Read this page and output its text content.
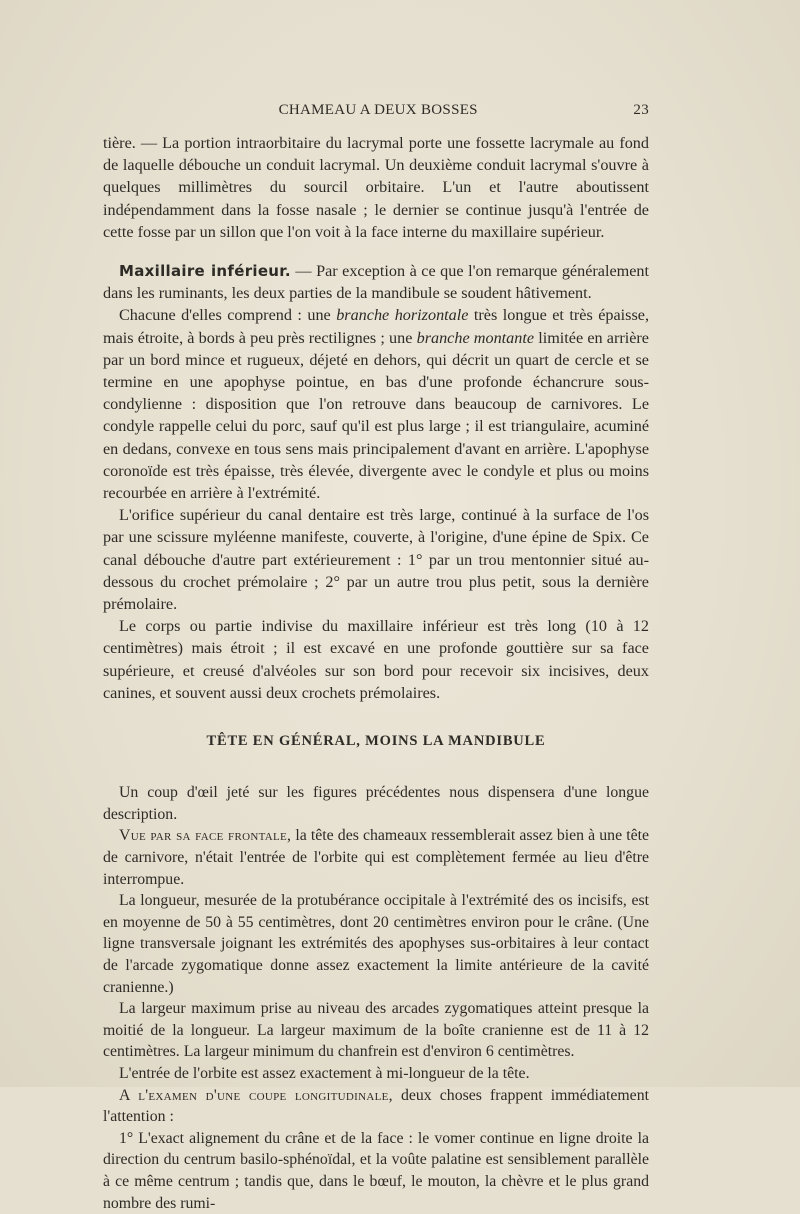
CHAMEAU A DEUX BOSSES	23

tière. — La portion intraorbitaire du lacrymal porte une fossette lacrymale au fond de laquelle débouche un conduit lacrymal. Un deuxième conduit lacrymal s'ouvre à quelques millimètres du sourcil orbitaire. L'un et l'autre aboutissent indépendamment dans la fosse nasale ; le dernier se continue jusqu'à l'entrée de cette fosse par un sillon que l'on voit à la face interne du maxillaire supérieur.

Maxillaire inférieur. — Par exception à ce que l'on remarque généralement dans les ruminants, les deux parties de la mandibule se soudent hâtivement.

Chacune d'elles comprend : une branche horizontale très longue et très épaisse, mais étroite, à bords à peu près rectilignes ; une branche montante limitée en arrière par un bord mince et rugueux, déjeté en dehors, qui décrit un quart de cercle et se termine en une apophyse pointue, en bas d'une profonde échancrure sous-condylienne : disposition que l'on retrouve dans beaucoup de carnivores. Le condyle rappelle celui du porc, sauf qu'il est plus large ; il est triangulaire, acuminé en dedans, convexe en tous sens mais principalement d'avant en arrière. L'apophyse coronoïde est très épaisse, très élevée, divergente avec le condyle et plus ou moins recourbée en arrière à l'extrémité.

L'orifice supérieur du canal dentaire est très large, continué à la surface de l'os par une scissure myléenne manifeste, couverte, à l'origine, d'une épine de Spix. Ce canal débouche d'autre part extérieurement : 1° par un trou mentonnier situé au-dessous du crochet prémolaire ; 2° par un autre trou plus petit, sous la dernière prémolaire.

Le corps ou partie indivise du maxillaire inférieur est très long (10 à 12 centimètres) mais étroit ; il est excavé en une profonde gouttière sur sa face supérieure, et creusé d'alvéoles sur son bord pour recevoir six incisives, deux canines, et souvent aussi deux crochets prémolaires.

TÊTE EN GÉNÉRAL, MOINS LA MANDIBULE

Un coup d'œil jeté sur les figures précédentes nous dispensera d'une longue description.

Vue par sa face frontale, la tête des chameaux ressemblerait assez bien à une tête de carnivore, n'était l'entrée de l'orbite qui est complètement fermée au lieu d'être interrompue.

La longueur, mesurée de la protubérance occipitale à l'extrémité des os incisifs, est en moyenne de 50 à 55 centimètres, dont 20 centimètres environ pour le crâne. (Une ligne transversale joignant les extrémités des apophyses sus-orbitaires à leur contact de l'arcade zygomatique donne assez exactement la limite antérieure de la cavité cranienne.)

La largeur maximum prise au niveau des arcades zygomatiques atteint presque la moitié de la longueur. La largeur maximum de la boîte cranienne est de 11 à 12 centimètres. La largeur minimum du chanfrein est d'environ 6 centimètres.

L'entrée de l'orbite est assez exactement à mi-longueur de la tête.

A l'examen d'une coupe longitudinale, deux choses frappent immédiatement l'attention :

1° L'exact alignement du crâne et de la face : le vomer continue en ligne droite la direction du centrum basilo-sphénoïdal, et la voûte palatine est sensiblement parallèle à ce même centrum ; tandis que, dans le bœuf, le mouton, la chèvre et le plus grand nombre des rumi-
